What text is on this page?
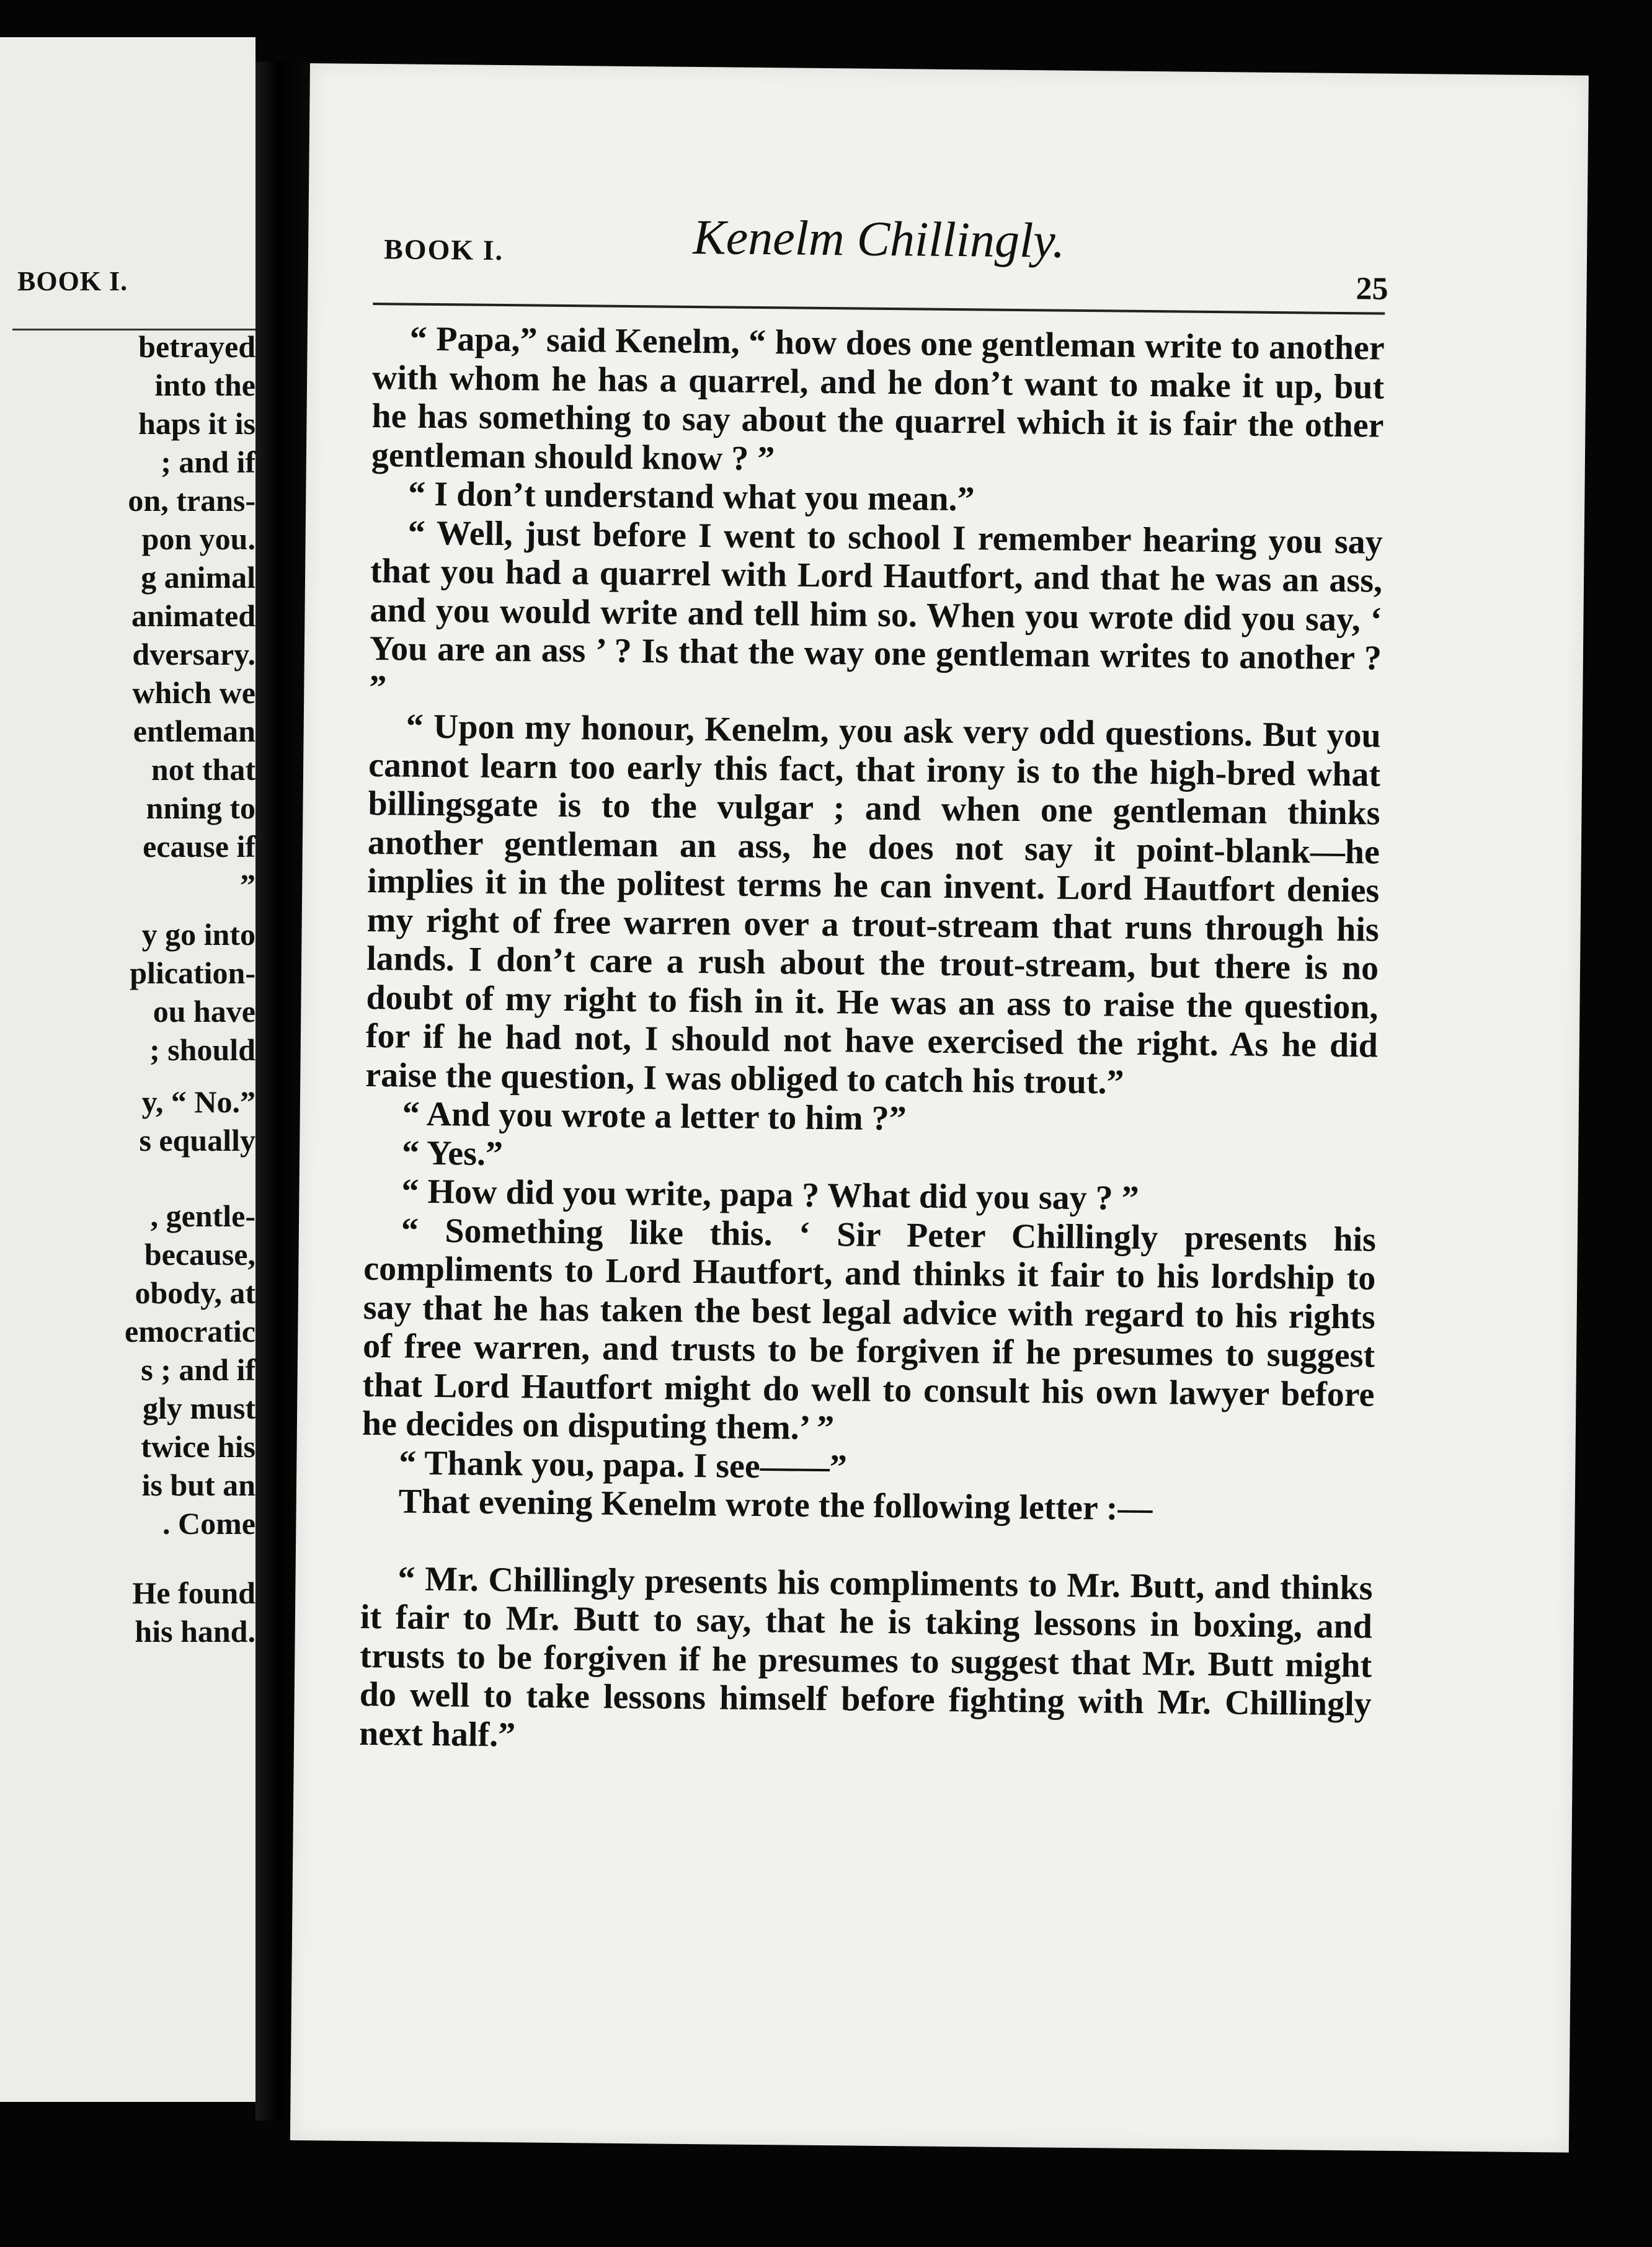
BOOK I.
betrayed
into the
haps it is
; and if
on, trans-
pon you.
g animal
animated
dversary.
which we
entleman
not that
nning to
ecause if
”
y go into
plication-
ou have
; should
y, “ No.”
s equally
, gentle-
because,
obody, at
emocratic
s ; and if
gly must
twice his
is but an
. Come
He found
his hand.
BOOK I.	Kenelm Chillingly.
25

“ Papa,” said Kenelm, “ how does one gentleman write to another with whom he has a quarrel, and he don’t want to make it up, but he has something to say about the quarrel which it is fair the other gentleman should know ? ”

“ I don’t understand what you mean.”

“ Well, just before I went to school I remember hearing you say that you had a quarrel with Lord Hautfort, and that he was an ass, and you would write and tell him so. When you wrote did you say, ‘ You are an ass ’ ? Is that the way one gentleman writes to another ? ”

“ Upon my honour, Kenelm, you ask very odd questions. But you cannot learn too early this fact, that irony is to the high-bred what billingsgate is to the vulgar ; and when one gentleman thinks another gentleman an ass, he does not say it point-blank—he implies it in the politest terms he can invent. Lord Hautfort denies my right of free warren over a trout-stream that runs through his lands. I don’t care a rush about the trout-stream, but there is no doubt of my right to fish in it. He was an ass to raise the question, for if he had not, I should not have exercised the right. As he did raise the question, I was obliged to catch his trout.”

“ And you wrote a letter to him ?”

“ Yes.”

“ How did you write, papa ? What did you say ? ”

“ Something like this. ‘ Sir Peter Chillingly presents his compliments to Lord Hautfort, and thinks it fair to his lordship to say that he has taken the best legal advice with regard to his rights of free warren, and trusts to be forgiven if he presumes to suggest that Lord Hautfort might do well to consult his own lawyer before he decides on disputing them.’ ”

“ Thank you, papa. I see——”

That evening Kenelm wrote the following letter :—

“ Mr. Chillingly presents his compliments to Mr. Butt, and thinks it fair to Mr. Butt to say, that he is taking lessons in boxing, and trusts to be forgiven if he presumes to suggest that Mr. Butt might do well to take lessons himself before fighting with Mr. Chillingly next half.”
